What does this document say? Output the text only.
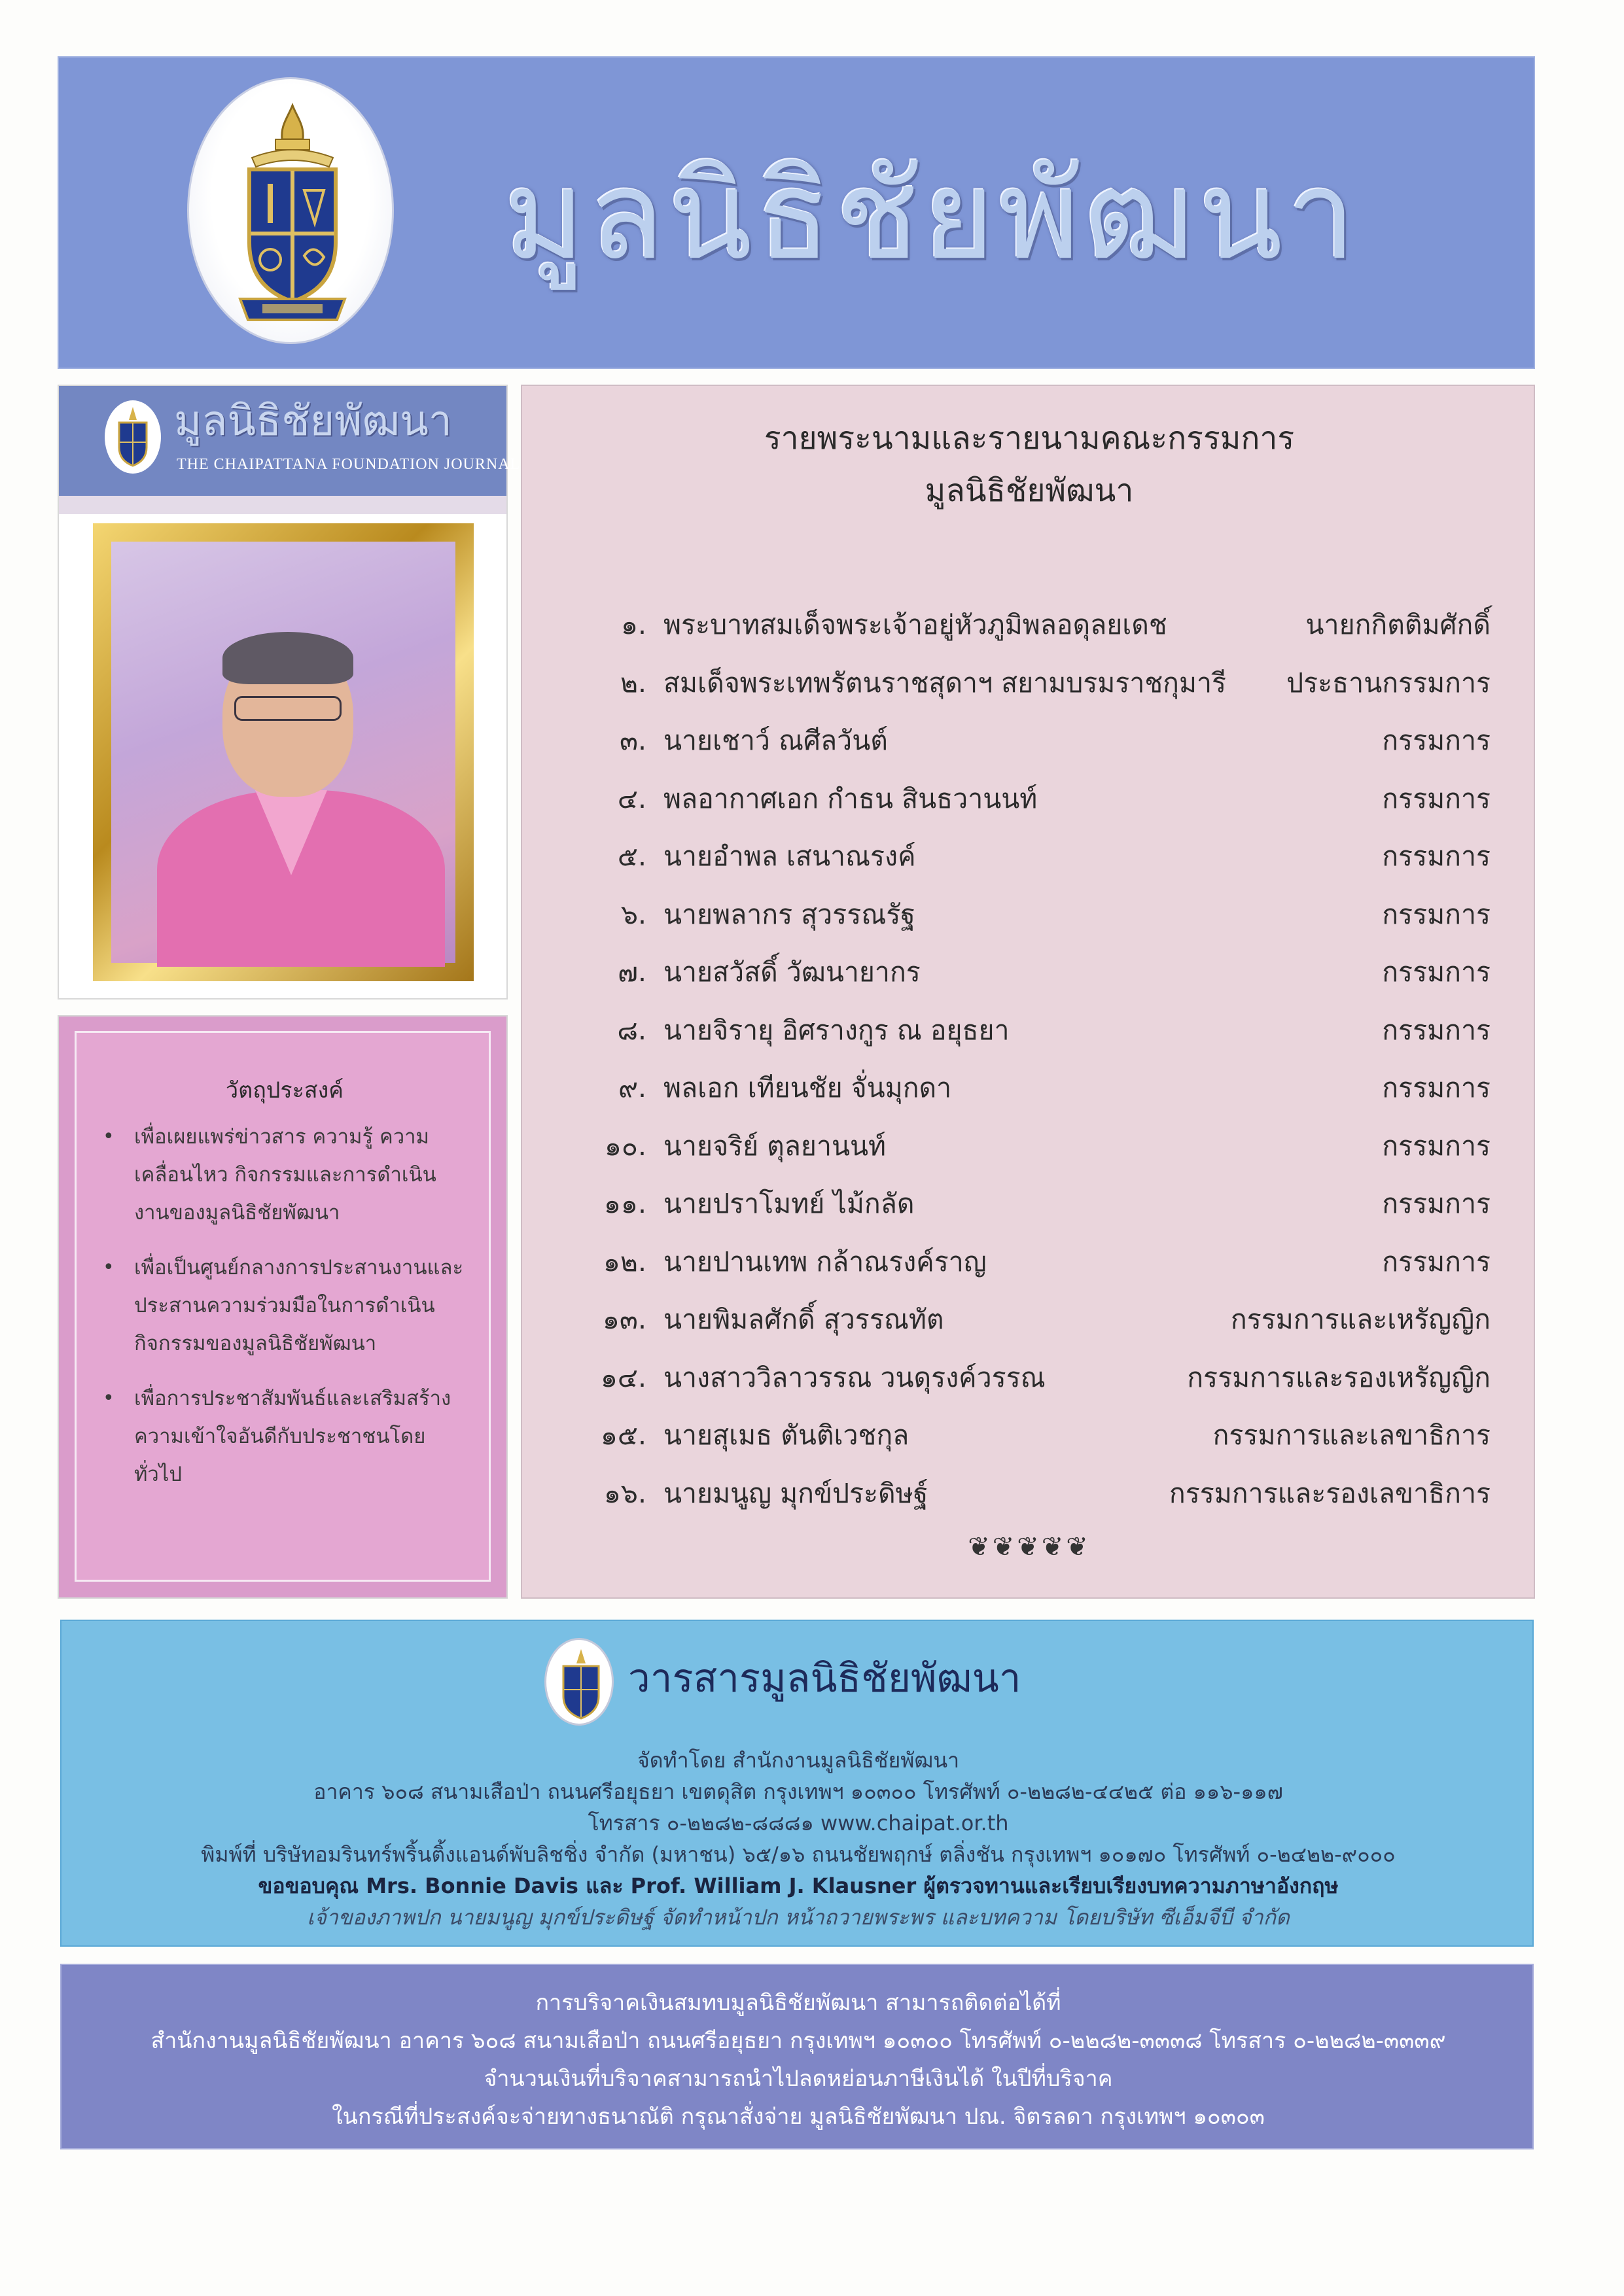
มูลนิธิชัยพัฒนา
มูลนิธิชัยพัฒนา
THE CHAIPATTANA FOUNDATION JOURNAL
วัตถุประสงค์
• เพื่อเผยแพร่ข่าวสาร ความรู้ ความเคลื่อนไหว กิจกรรมและการดำเนินงานของมูลนิธิชัยพัฒนา
• เพื่อเป็นศูนย์กลางการประสานงานและประสานความร่วมมือในการดำเนินกิจกรรมของมูลนิธิชัยพัฒนา
• เพื่อการประชาสัมพันธ์และเสริมสร้างความเข้าใจอันดีกับประชาชนโดยทั่วไป
รายพระนามและรายนามคณะกรรมการ
มูลนิธิชัยพัฒนา
❦❦❦❦❦
๑. พระบาทสมเด็จพระเจ้าอยู่หัวภูมิพลอดุลยเดช	นายกกิตติมศักดิ์
๒. สมเด็จพระเทพรัตนราชสุดาฯ สยามบรมราชกุมารี ประธานกรรมการ
๓. นายเชาว์ ณศีลวันต์	กรรมการ
๔. พลอากาศเอก กำธน สินธวานนท์	กรรมการ
๕. นายอำพล เสนาณรงค์	กรรมการ
๖. นายพลากร สุวรรณรัฐ	กรรมการ
๗. นายสวัสดิ์ วัฒนายากร	กรรมการ
๘. นายจิรายุ อิศรางกูร ณ อยุธยา	กรรมการ
๙. พลเอก เทียนชัย จั่นมุกดา	กรรมการ
๑๐. นายจริย์ ตุลยานนท์	กรรมการ
๑๑. นายปราโมทย์ ไม้กลัด	กรรมการ
๑๒. นายปานเทพ กล้าณรงค์ราญ	กรรมการ
๑๓. นายพิมลศักดิ์ สุวรรณทัต	กรรมการและเหรัญญิก
๑๔. นางสาววิลาวรรณ วนดุรงค์วรรณ	กรรมการและรองเหรัญญิก
๑๕. นายสุเมธ ตันติเวชกุล	กรรมการและเลขาธิการ
๑๖. นายมนูญ มุกข์ประดิษฐ์	กรรมการและรองเลขาธิการ
วารสารมูลนิธิชัยพัฒนา
จัดทำโดย สำนักงานมูลนิธิชัยพัฒนา
อาคาร ๖๐๘ สนามเสือป่า ถนนศรีอยุธยา เขตดุสิต กรุงเทพฯ ๑๐๓๐๐ โทรศัพท์ ๐-๒๒๘๒-๔๔๒๕ ต่อ ๑๑๖-๑๑๗
โทรสาร ๐-๒๒๘๒-๘๘๘๑ www.chaipat.or.th
พิมพ์ที่ บริษัทอมรินทร์พริ้นติ้งแอนด์พับลิชชิ่ง จำกัด (มหาชน) ๖๕/๑๖ ถนนชัยพฤกษ์ ตลิ่งชัน กรุงเทพฯ ๑๐๑๗๐ โทรศัพท์ ๐-๒๔๒๒-๙๐๐๐
ขอขอบคุณ Mrs. Bonnie Davis และ Prof. William J. Klausner ผู้ตรวจทานและเรียบเรียงบทความภาษาอังกฤษ
เจ้าของภาพปก นายมนูญ มุกข์ประดิษฐ์ จัดทำหน้าปก หน้าถวายพระพร และบทความ โดยบริษัท ซีเอ็มจีบี จำกัด
การบริจาคเงินสมทบมูลนิธิชัยพัฒนา สามารถติดต่อได้ที่
สำนักงานมูลนิธิชัยพัฒนา อาคาร ๖๐๘ สนามเสือป่า ถนนศรีอยุธยา กรุงเทพฯ ๑๐๓๐๐ โทรศัพท์ ๐-๒๒๘๒-๓๓๓๘ โทรสาร ๐-๒๒๘๒-๓๓๓๙
จำนวนเงินที่บริจาคสามารถนำไปลดหย่อนภาษีเงินได้ ในปีที่บริจาค
ในกรณีที่ประสงค์จะจ่ายทางธนาณัติ กรุณาสั่งจ่าย มูลนิธิชัยพัฒนา ปณ. จิตรลดา กรุงเทพฯ ๑๐๓๐๓
